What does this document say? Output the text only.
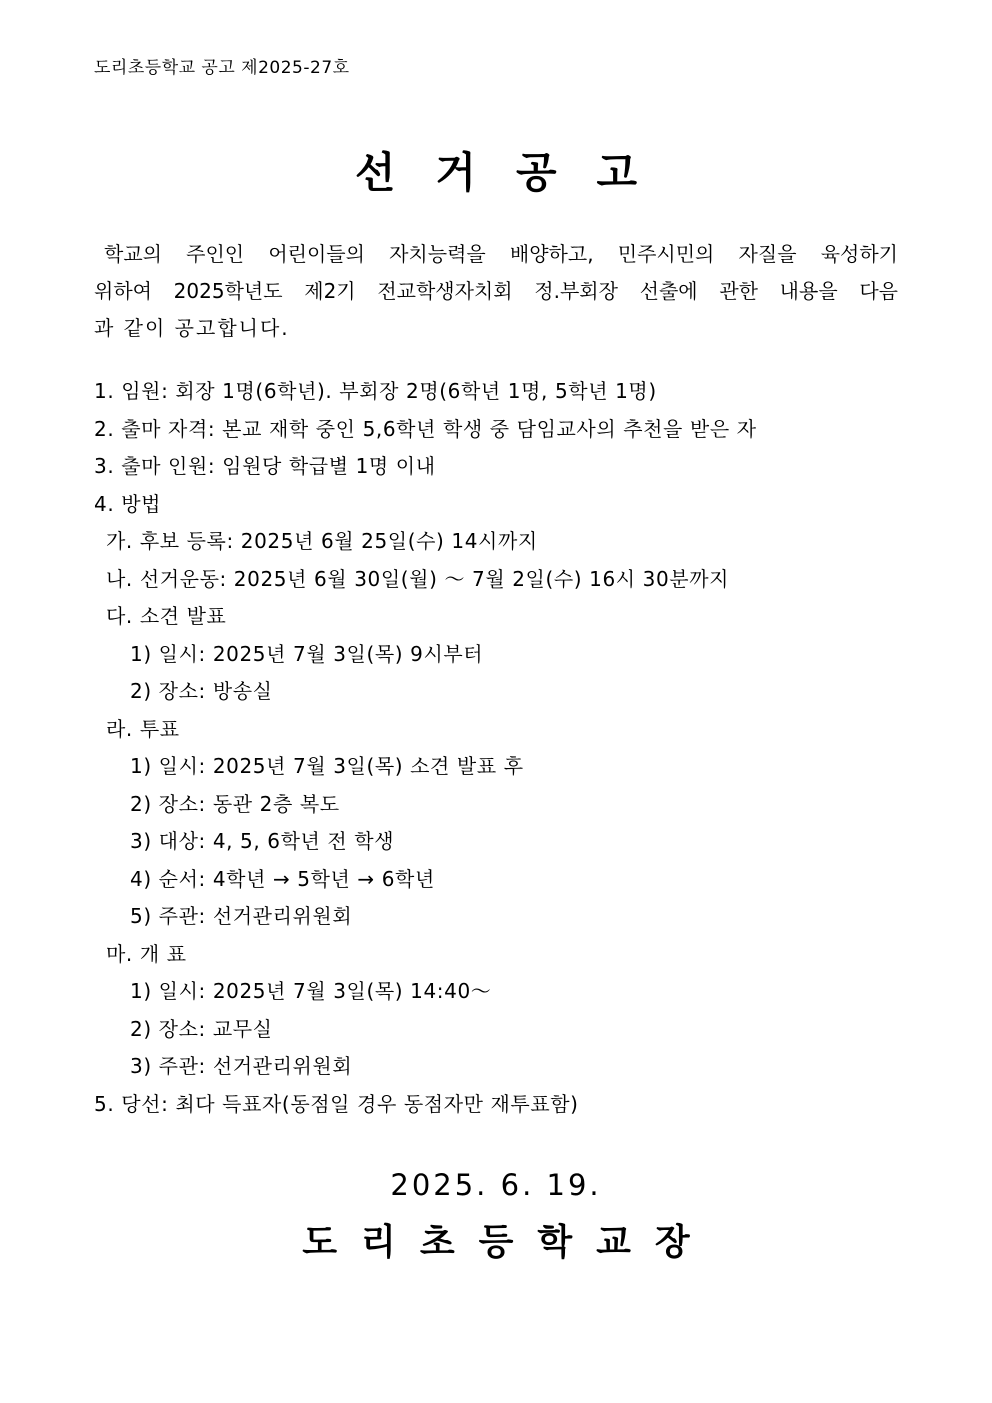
도리초등학교 공고 제2025-27호
선거공고
학교의 주인인 어린이들의 자치능력을 배양하고, 민주시민의 자질을 육성하기
위하여 2025학년도 제2기 전교학생자치회 정.부회장 선출에 관한 내용을 다음
과 같이 공고합니다.
1. 임원: 회장 1명(6학년). 부회장 2명(6학년 1명, 5학년 1명)
2. 출마 자격: 본교 재학 중인 5,6학년 학생 중 담임교사의 추천을 받은 자
3. 출마 인원: 임원당 학급별 1명 이내
4. 방법
가. 후보 등록: 2025년 6월 25일(수) 14시까지
나. 선거운동: 2025년 6월 30일(월) ～ 7월 2일(수) 16시 30분까지
다. 소견 발표
1) 일시: 2025년 7월 3일(목) 9시부터
2) 장소: 방송실
라. 투표
1) 일시: 2025년 7월 3일(목) 소견 발표 후
2) 장소: 동관 2층 복도
3) 대상: 4, 5, 6학년 전 학생
4) 순서: 4학년 → 5학년 → 6학년
5) 주관: 선거관리위원회
마. 개 표
1) 일시: 2025년 7월 3일(목) 14:40～
2) 장소: 교무실
3) 주관: 선거관리위원회
5. 당선: 최다 득표자(동점일 경우 동점자만 재투표함)
2025. 6. 19.
도리초등학교장
